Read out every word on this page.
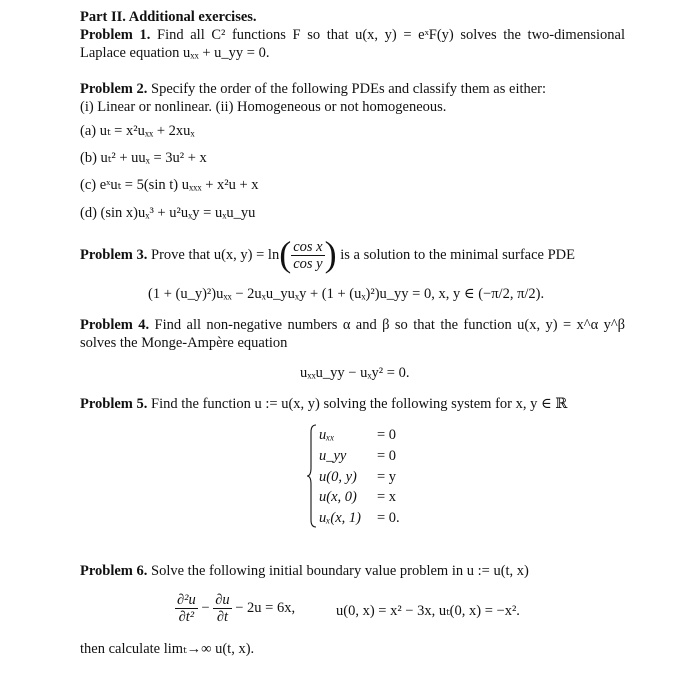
Part II. Additional exercises.
Problem 1. Find all C² functions F so that u(x, y) = eˣF(y) solves the two-dimensional
Laplace equation uₓₓ + u_yy = 0.
Problem 2. Specify the order of the following PDEs and classify them as either:
(i) Linear or nonlinear. (ii) Homogeneous or not homogeneous.
(a) uₜ = x²uₓₓ + 2xuₓ
(b) uₜ² + uuₓ = 3u² + x
(c) eˣuₜ = 5(sin t) uₓₓₓ + x²u + x
(d) (sin x)uₓ³ + u²uₓy = uₓu_yu
Problem 3. Prove that u(x, $y) = \ln( \frac{\text{cos x}}{\text{cos y}}$ ) is a solution to the minimal surface PDE
(1 + (u_y)²)uₓₓ − 2uₓu_yuₓy + (1 + (uₓ)²)u_yy = 0, x, y ∈ (−π/2, π/2).
Problem 4. Find all non-negative numbers α and β so that the function u(x, y) = x^α y^β
solves the Monge-Ampère equation
uₓₓu_yy − uₓy² = 0.
Problem 5. Find the function u := u(x, y) solving the following system for x, y ∈ ℝ
uₓₓ	= 0
u_yy = 0
u(0, y) = y
u(x, 0) = x
uₓ(x, 1) = 0.
Problem 6. Solve the following initial boundary value problem in u := u(t, x)
$\frac{\text{∂²u}}{\text{∂t²}} - \frac{\partial u}{\partial t} - 2u = 6x$,	u(0, x) = x² − 3x, uₜ(0, x) = −x².
then calculate limₜ→∞ u(t, x).
